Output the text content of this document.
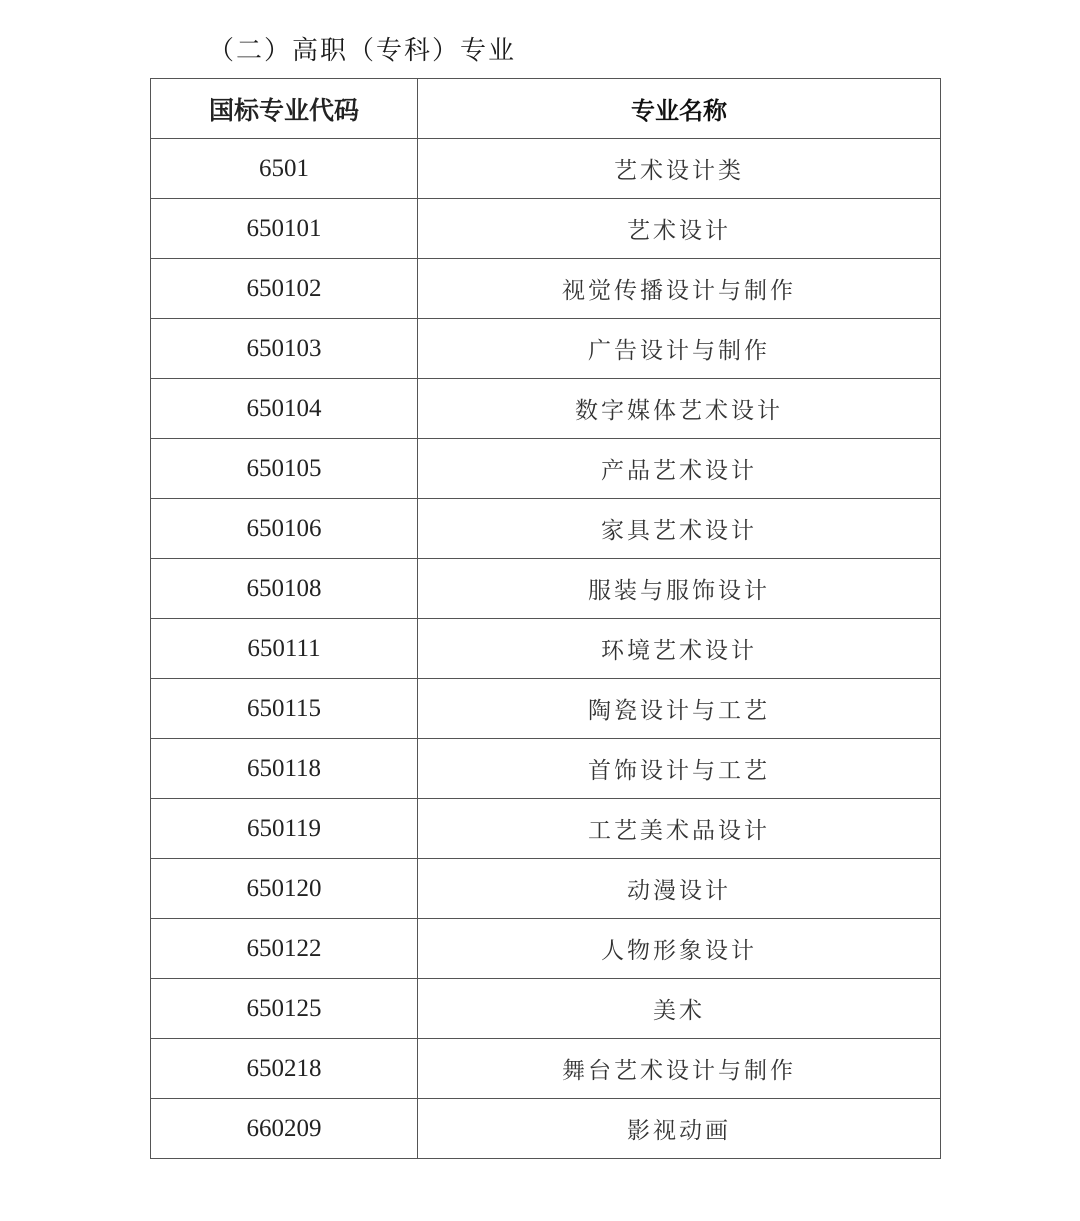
（二）高职（专科）专业
国标专业代码	专业名称
6501	艺术设计类
650101	艺术设计
650102	视觉传播设计与制作
650103	广告设计与制作
650104	数字媒体艺术设计
650105	产品艺术设计
650106	家具艺术设计
650108	服装与服饰设计
650111	环境艺术设计
650115	陶瓷设计与工艺
650118	首饰设计与工艺
650119	工艺美术品设计
650120	动漫设计
650122	人物形象设计
650125	美术
650218	舞台艺术设计与制作
660209	影视动画
